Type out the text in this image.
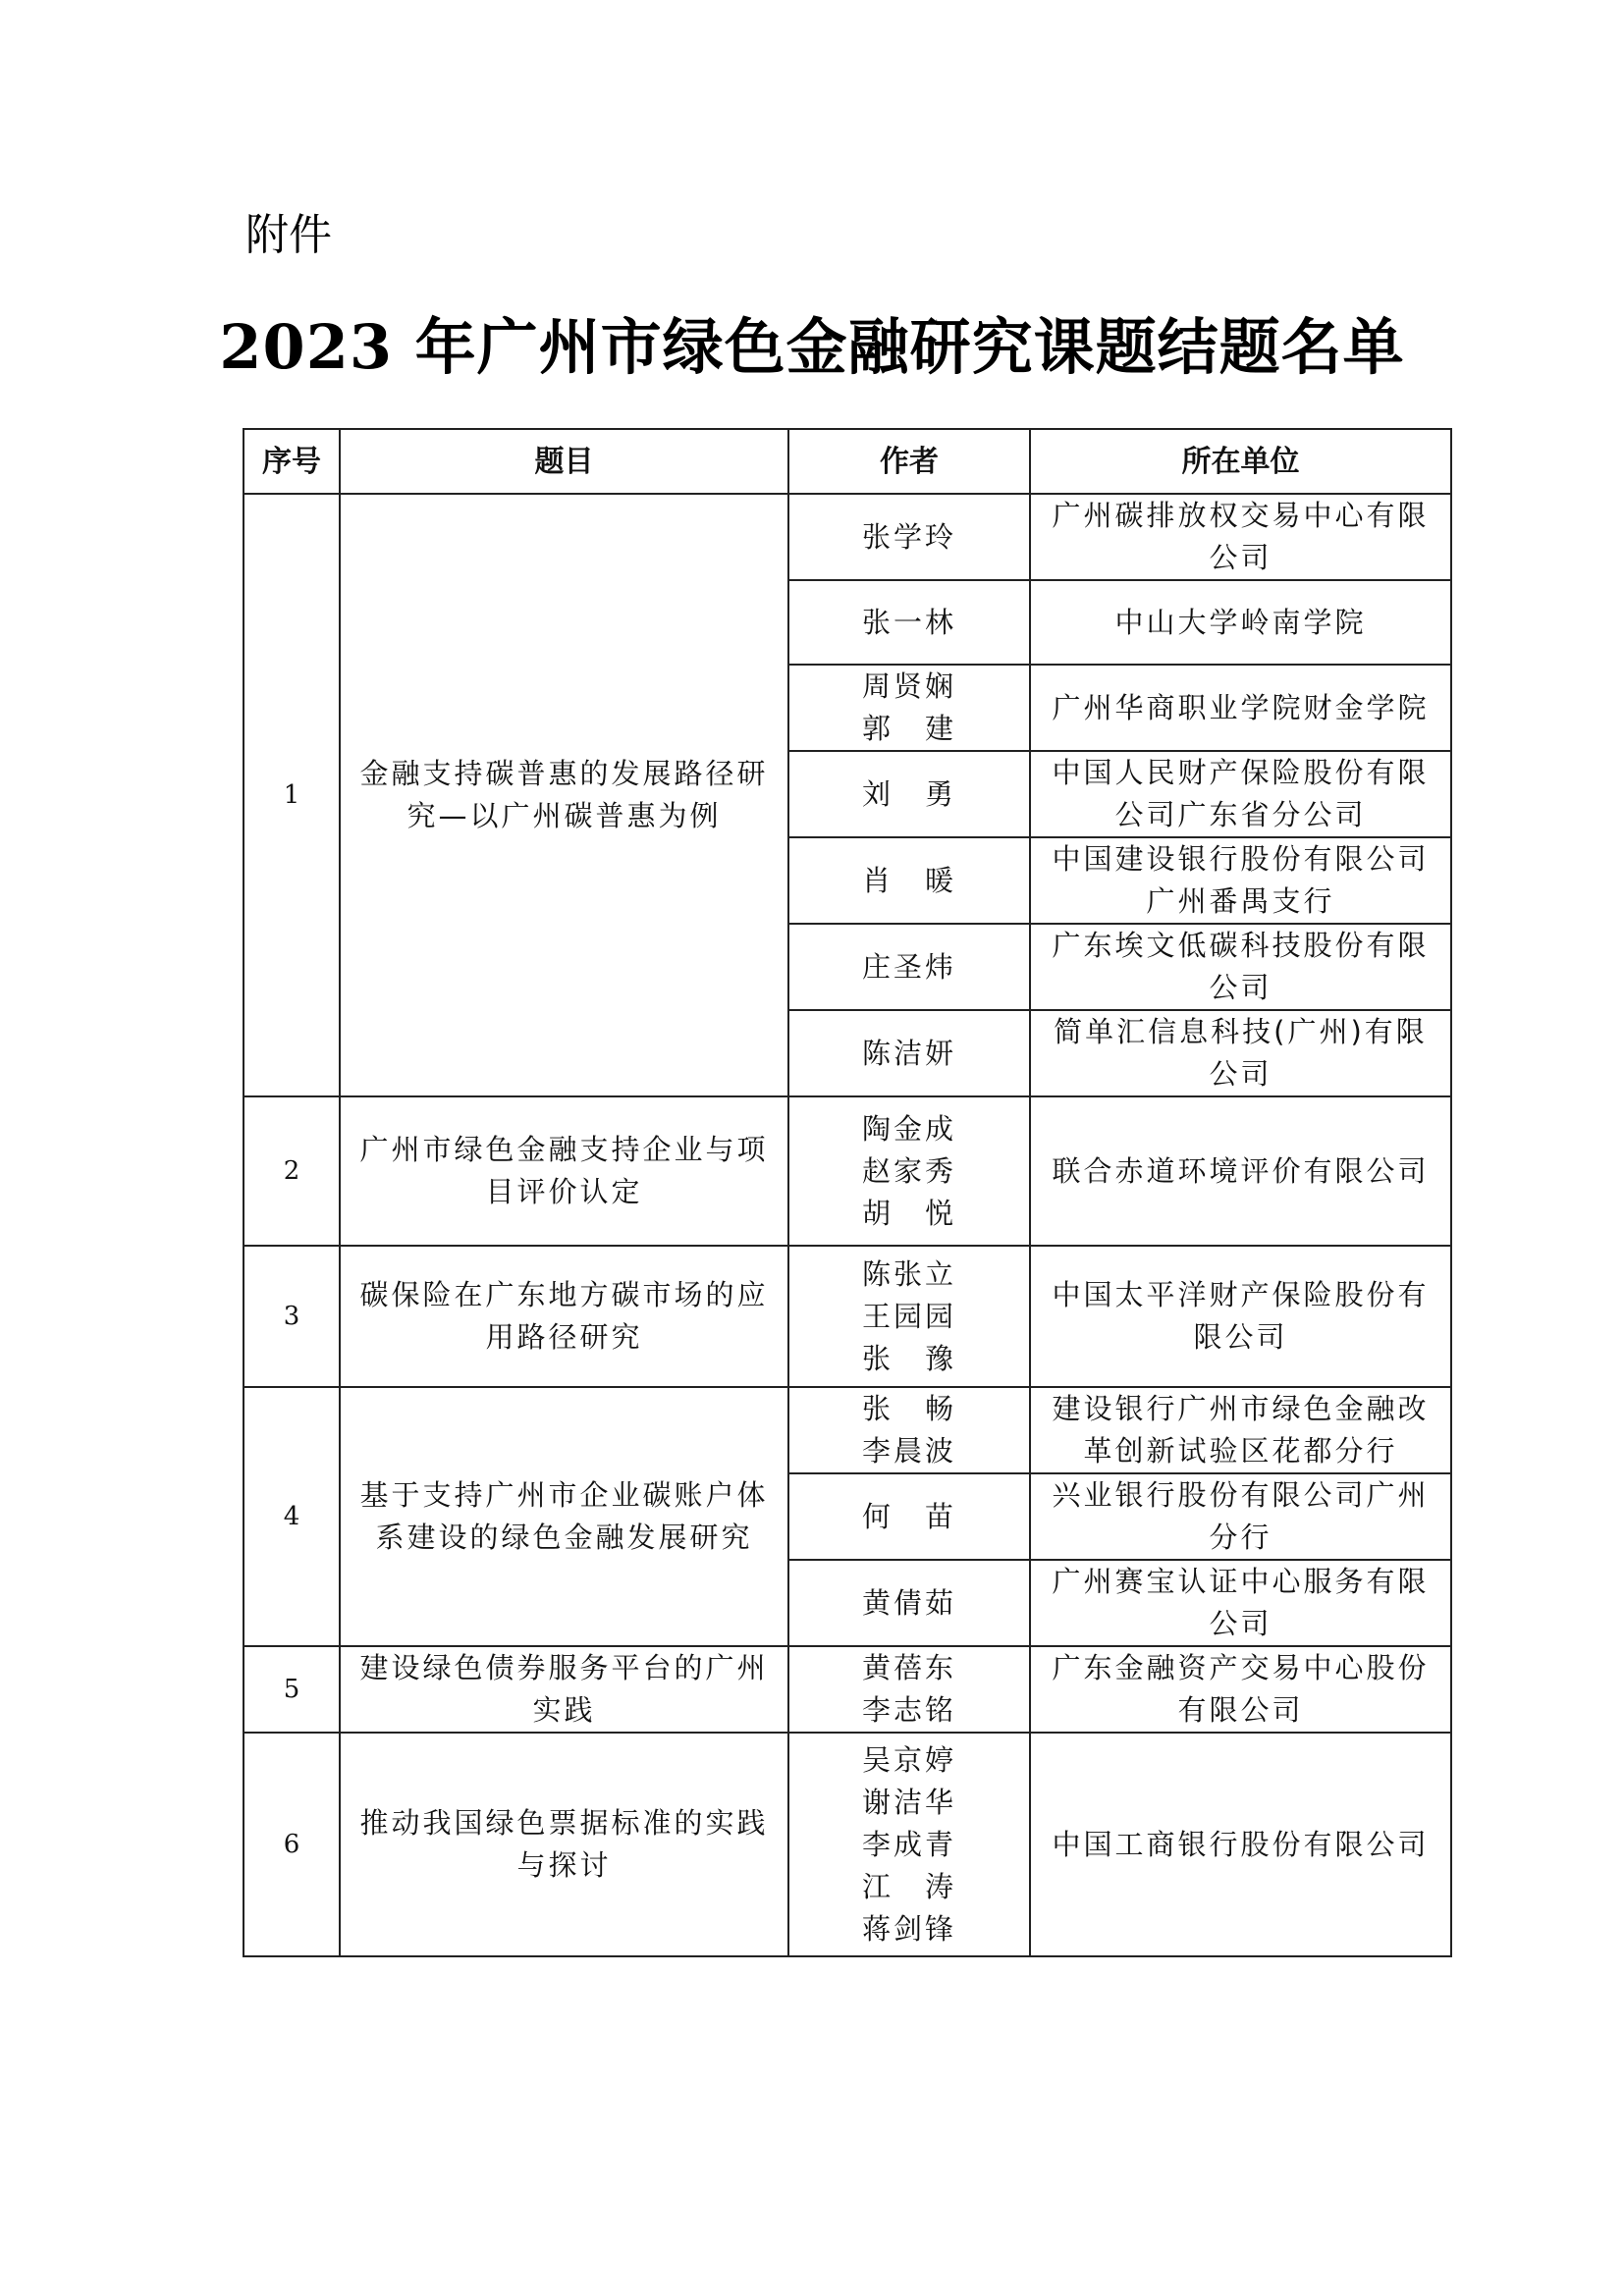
附件
2023 年广州市绿色金融研究课题结题名单
序号	题目	作者	所在单位
1	金融支持碳普惠的发展路径研
究—以广州碳普惠为例	张学玲	广州碳排放权交易中心有限
公司

		张一林	中山大学岭南学院

		周贤娴
郭　建	广州华商职业学院财金学院

		刘　勇	中国人民财产保险股份有限
公司广东省分公司

		肖　暖	中国建设银行股份有限公司
广州番禺支行

		庄圣炜	广东埃文低碳科技股份有限
公司

		陈洁妍	简单汇信息科技(广州)有限
公司

2	广州市绿色金融支持企业与项
目评价认定	陶金成
赵家秀
胡　悦	联合赤道环境评价有限公司

3	碳保险在广东地方碳市场的应
用路径研究	陈张立
王园园
张　豫	中国太平洋财产保险股份有
限公司

4	基于支持广州市企业碳账户体
系建设的绿色金融发展研究	张　畅
李晨波	建设银行广州市绿色金融改
革创新试验区花都分行

		何　苗	兴业银行股份有限公司广州
分行

		黄倩茹	广州赛宝认证中心服务有限
公司

5	建设绿色债券服务平台的广州
实践	黄蓓东
李志铭	广东金融资产交易中心股份
有限公司

6	推动我国绿色票据标准的实践
与探讨	吴京婷
谢洁华
李成青
江　涛
蒋剑锋	中国工商银行股份有限公司
